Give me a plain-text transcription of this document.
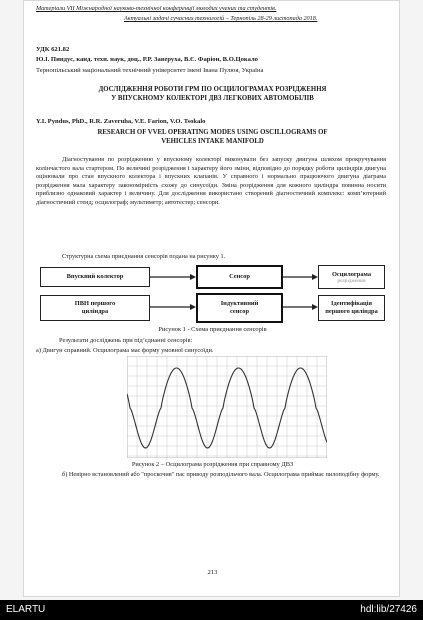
Матеріали VII Міжнародної науково-технічної конференції молодих учених та студентів.
Актуальні задачі сучасних технологій – Тернопіль 28-29 листопада 2018.
УДК 621.82
Ю.І. Пиндус, канд. техн. наук, доц., Р.Р. Заверуха, В.Є. Фаріон, В.О.Цокало
Тернопільський національний технічний університет імені Івана Пулюя, Україна
ДОСЛІДЖЕННЯ РОБОТИ ГРМ ПО ОСЦИЛОГРАМАХ РОЗРІДЖЕННЯ
У ВПУСКНОМУ КОЛЕКТОРІ ДВЗ ЛЕГКОВИХ АВТОМОБІЛІВ
Y.I. Pyndus, PhD., R.R. Zaveruha, V.E. Farion, V.O. Tsokalo
RESEARCH OF VVEL OPERATING MODES USING OSCILLOGRAMS OF
VEHICLES INTAKE MANIFOLD
Діагностування по розрідженню у впускному колекторі виконували без запуску двигуна шляхом прокручування колінчастого вала стартером. По величині розрідження і характеру його зміни, відповідно до порядку роботи циліндрів двигуна оцінювали про стан впускного колектора і впускних клапанів. У справного і нормально працюючого двигуна діаграма розрідження мала характеру закономірність схожу до синусоїди. Зміна розрідження для кожного циліндра повинна носити приблизно однаковий характер і величину. Для дослідження використано створений діагностичний комплекс: комп’ютерний діагностичний стенд; осцилограф; мультиметр; автотестер; сенсори.
Структурна схема приєднання сенсорів подана на рисунку 1.
Впускний колектор	Сенсор	Осцилограма
розрідження
ПВН першого
циліндра
Індуктивний
сенсор
Ідентифікація
першого циліндра
Рисунок 1 - Схема приєднання сенсорів
Результати досліджень при під’єднанні сенсорів:
а) Двигун справний. Осцилограма має форму умовної синусоїди.
Рисунок 2 – Осцилограма розрідження при справному ДВЗ
б) Невірно встановлений або "проскочив" пас приводу розподільчого вала. Осцилограма приймає пилоподібну форму.
213
ELARTU	hdl:lib/27426
